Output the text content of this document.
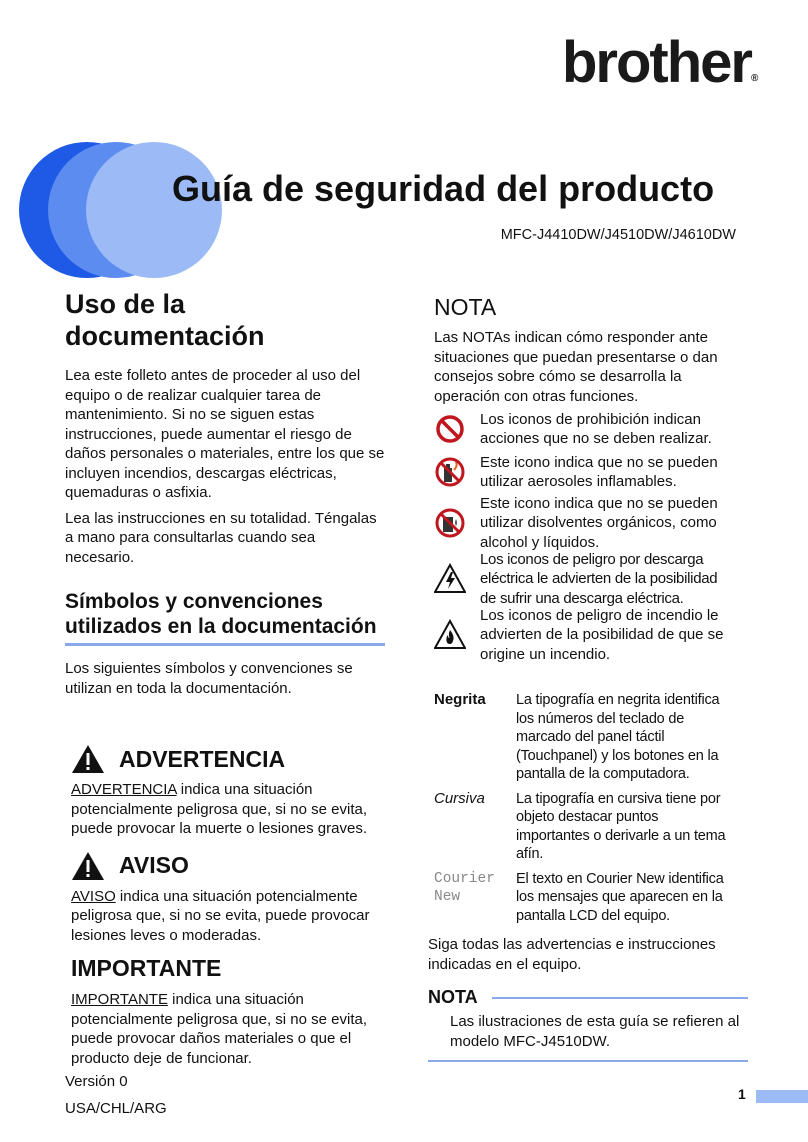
brother®
Guía de seguridad del producto
MFC-J4410DW/J4510DW/J4610DW
Uso de la
documentación

Lea este folleto antes de proceder al uso del equipo o de realizar cualquier tarea de mantenimiento. Si no se siguen estas instrucciones, puede aumentar el riesgo de daños personales o materiales, entre los que se incluyen incendios, descargas eléctricas, quemaduras o asfixia.

Lea las instrucciones en su totalidad. Téngalas a mano para consultarlas cuando sea necesario.

Símbolos y convenciones utilizados en la documentación

Los siguientes símbolos y convenciones se utilizan en toda la documentación.

ADVERTENCIA

ADVERTENCIA indica una situación potencialmente peligrosa que, si no se evita, puede provocar la muerte o lesiones graves.

AVISO

AVISO indica una situación potencialmente peligrosa que, si no se evita, puede provocar lesiones leves o moderadas.

IMPORTANTE

IMPORTANTE indica una situación potencialmente peligrosa que, si no se evita, puede provocar daños materiales o que el producto deje de funcionar.

Versión 0
USA/CHL/ARG
NOTA

Las NOTAs indican cómo responder ante situaciones que puedan presentarse o dan consejos sobre cómo se desarrolla la operación con otras funciones.

Los iconos de prohibición indican acciones que no se deben realizar.
Este icono indica que no se pueden utilizar aerosoles inflamables.
Este icono indica que no se pueden utilizar disolventes orgánicos, como alcohol y líquidos.
Los iconos de peligro por descarga eléctrica le advierten de la posibilidad de sufrir una descarga eléctrica.
Los iconos de peligro de incendio le advierten de la posibilidad de que se origine un incendio.
Negrita	La tipografía en negrita identifica los números del teclado de marcado del panel táctil (Touchpanel) y los botones en la pantalla de la computadora.
Cursiva	La tipografía en cursiva tiene por objeto destacar puntos importantes o derivarle a un tema afín.
Courier
New
El texto en Courier New identifica los mensajes que aparecen en la pantalla LCD del equipo.

Siga todas las advertencias e instrucciones indicadas en el equipo.

NOTA

Las ilustraciones de esta guía se refieren al modelo MFC-J4510DW.

1
